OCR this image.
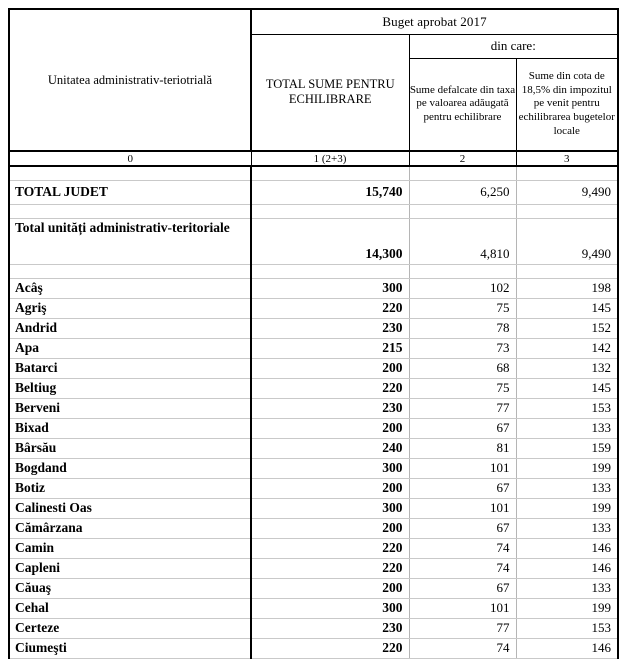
Unitatea administrativ-teriotrială	Buget aprobat 2017		
	TOTAL SUME PENTRU ECHILIBRARE	din care:	
		Sume defalcate din taxa pe valoarea adăugată pentru echilibrare	Sume din cota de 18,5% din impozitul pe venit pentru echilibrarea bugetelor locale
0	1 (2+3)	2	3

TOTAL JUDET	15,740	6,250	9,490

Total unități administrativ-teritoriale	14,300	4,810	9,490

Acâş	300	102	198
Agriş	220	75	145
Andrid	230	78	152
Apa	215	73	142
Batarci	200	68	132
Beltiug	220	75	145
Berveni	230	77	153
Bixad	200	67	133
Bârsău	240	81	159
Bogdand	300	101	199
Botiz	200	67	133
Calinesti Oas	300	101	199
Cămârzana	200	67	133
Camin	220	74	146
Capleni	220	74	146
Căuaş	200	67	133
Cehal	300	101	199
Certeze	230	77	153
Ciumeşti	220	74	146
